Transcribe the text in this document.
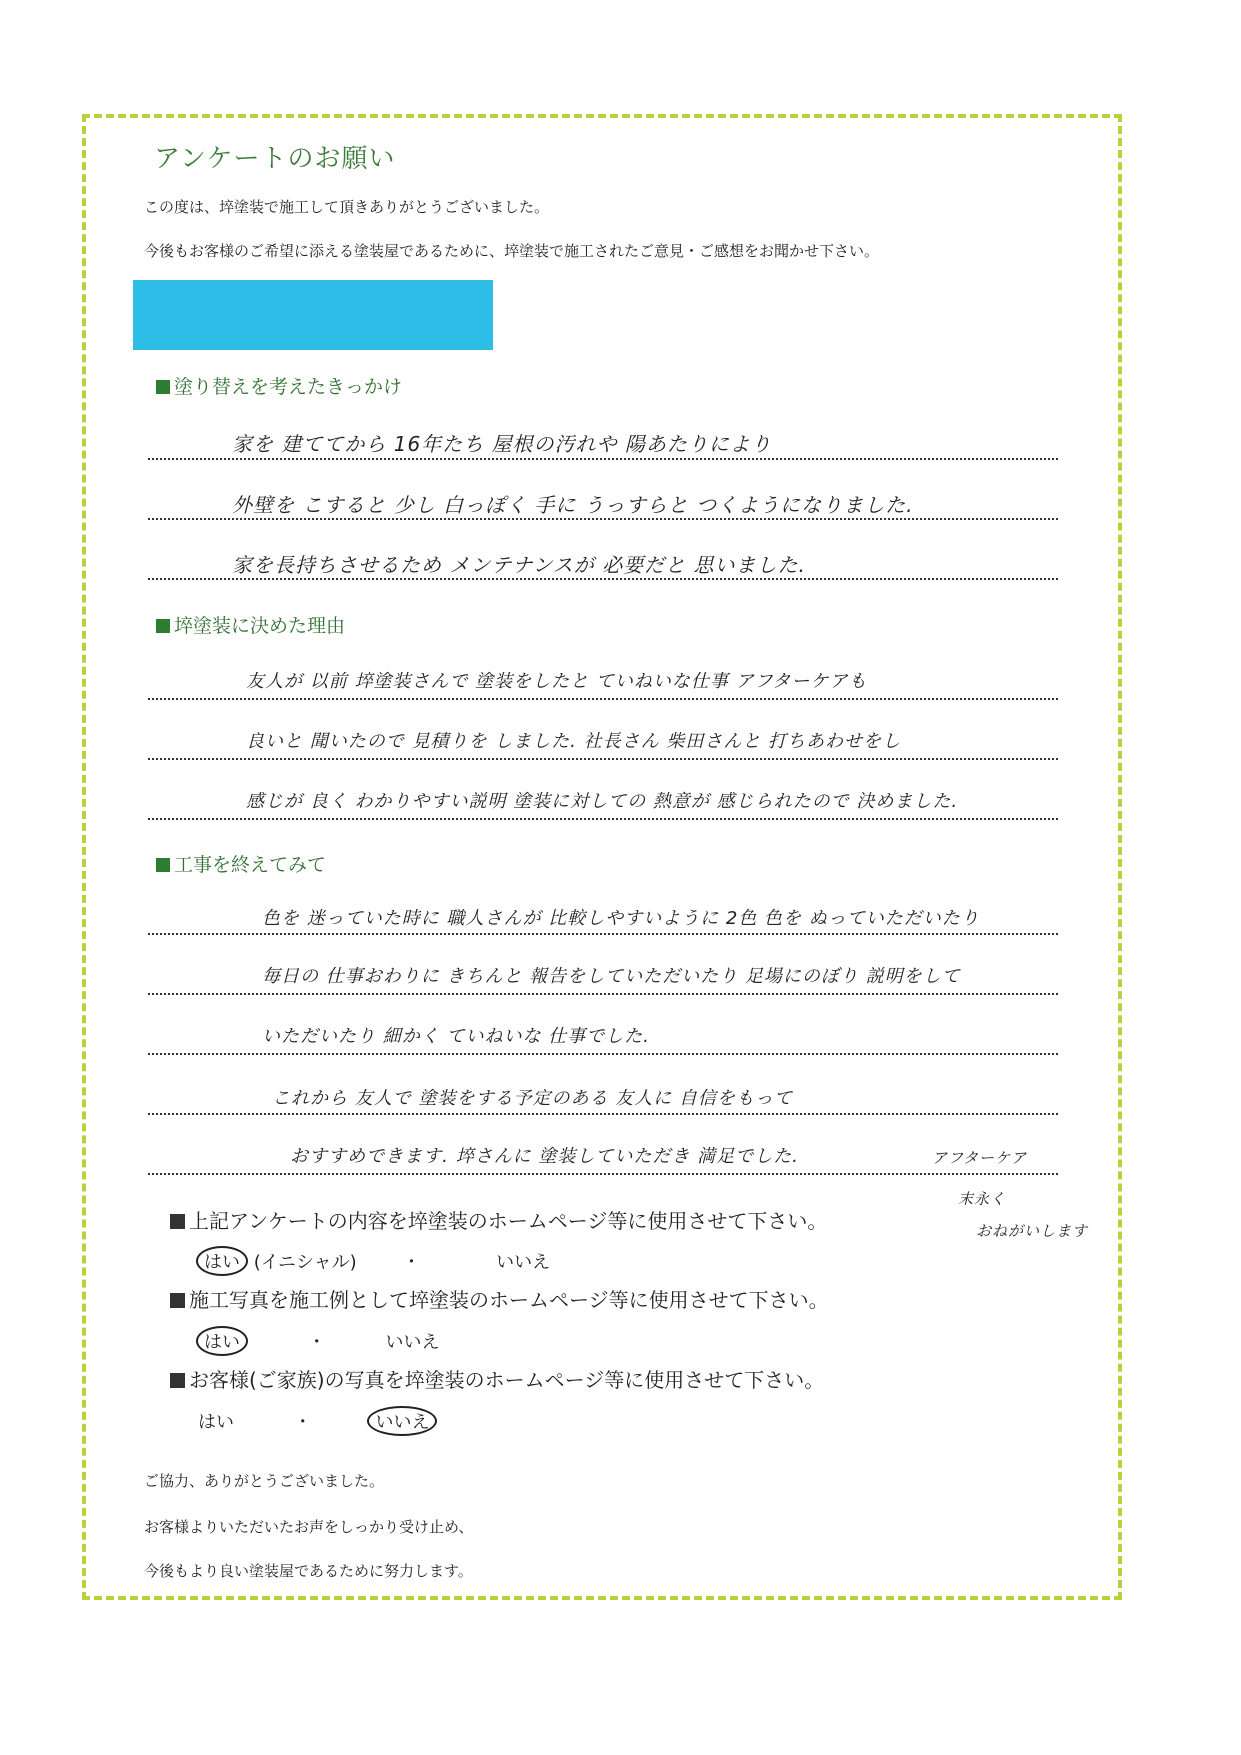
アンケートのお願い
この度は、埣塗装で施工して頂きありがとうございました。
今後もお客様のご希望に添える塗装屋であるために、埣塗装で施工されたご意見・ご感想をお聞かせ下さい。
塗り替えを考えたきっかけ
家を 建ててから 16年たち 屋根の汚れや 陽あたりにより
外壁を こすると 少し 白っぽく 手に うっすらと つくようになりました.
家を長持ちさせるため メンテナンスが 必要だと 思いました.
埣塗装に決めた理由
友人が 以前 埣塗装さんで 塗装をしたと ていねいな仕事 アフターケアも
良いと 聞いたので 見積りを しました. 社長さん 柴田さんと 打ちあわせをし
感じが 良く わかりやすい説明 塗装に対しての 熱意が 感じられたので 決めました.
工事を終えてみて
色を 迷っていた時に 職人さんが 比較しやすいように 2色 色を ぬっていただいたり
毎日の 仕事おわりに きちんと 報告をしていただいたり 足場にのぼり 説明をして
いただいたり 細かく ていねいな 仕事でした.
これから 友人で 塗装をする予定のある 友人に 自信をもって
おすすめできます. 埣さんに 塗装していただき 満足でした.	アフターケア
末永く
おねがいします
上記アンケートの内容を埣塗装のホームページ等に使用させて下さい。
はい (イニシャル)	・	いいえ
施工写真を施工例として埣塗装のホームページ等に使用させて下さい。
はい	・	いいえ
お客様(ご家族)の写真を埣塗装のホームページ等に使用させて下さい。
はい	・	いいえ
ご協力、ありがとうございました。
お客様よりいただいたお声をしっかり受け止め、
今後もより良い塗装屋であるために努力します。
